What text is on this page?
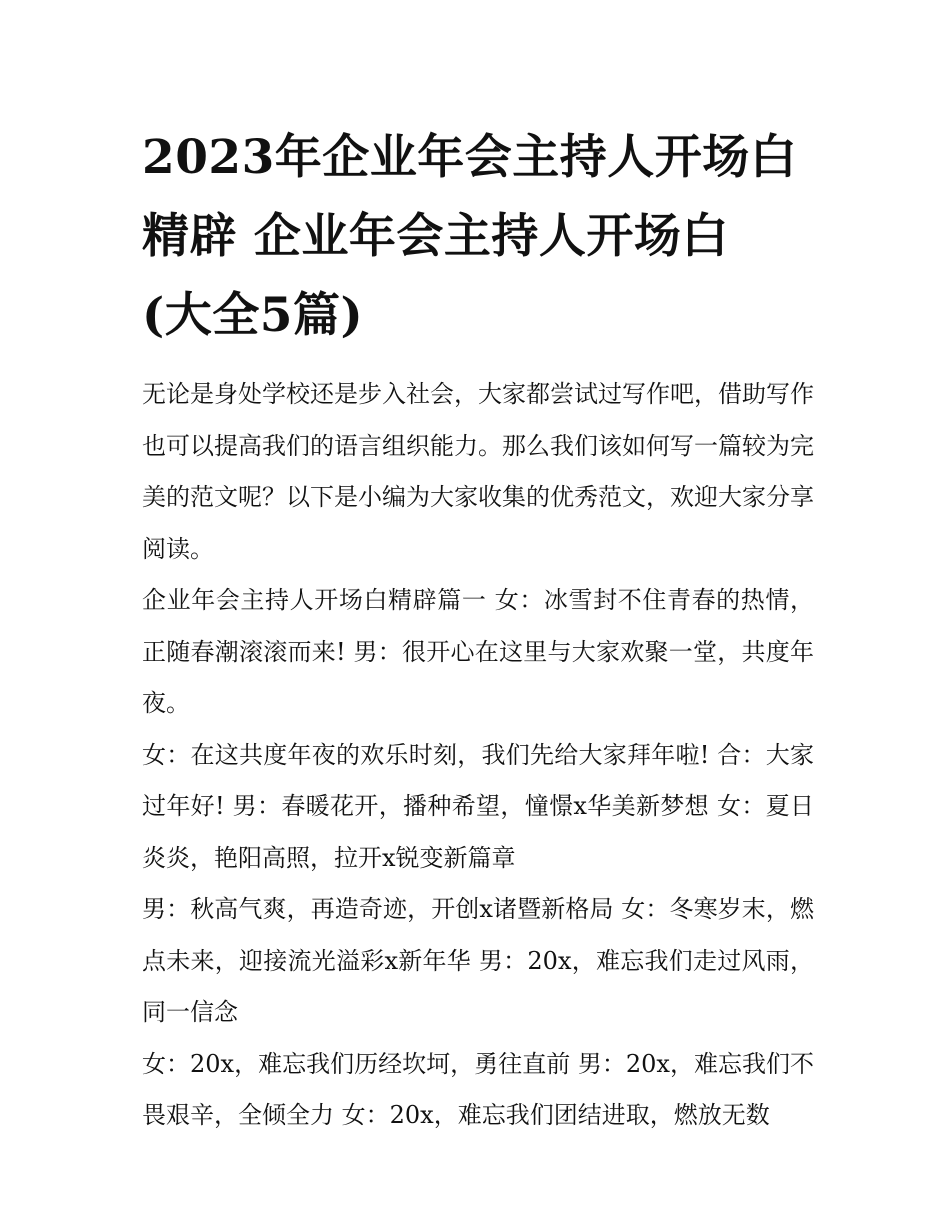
2023年企业年会主持人开场白
精辟 企业年会主持人开场白
(大全5篇)

无论是身处学校还是步入社会，大家都尝试过写作吧，借助写作也可以提高我们的语言组织能力。那么我们该如何写一篇较为完美的范文呢？以下是小编为大家收集的优秀范文，欢迎大家分享阅读。

企业年会主持人开场白精辟篇一 女：冰雪封不住青春的热情，正随春潮滚滚而来! 男：很开心在这里与大家欢聚一堂，共度年夜。

女：在这共度年夜的欢乐时刻，我们先给大家拜年啦! 合：大家过年好! 男：春暖花开，播种希望，憧憬x华美新梦想 女：夏日炎炎，艳阳高照，拉开x锐变新篇章

男：秋高气爽，再造奇迹，开创x诸暨新格局 女：冬寒岁末，燃点未来，迎接流光溢彩x新年华 男：20x，难忘我们走过风雨，同一信念

女：20x，难忘我们历经坎坷，勇往直前 男：20x，难忘我们不畏艰辛，全倾全力 女：20x，难忘我们团结进取，燃放无数
